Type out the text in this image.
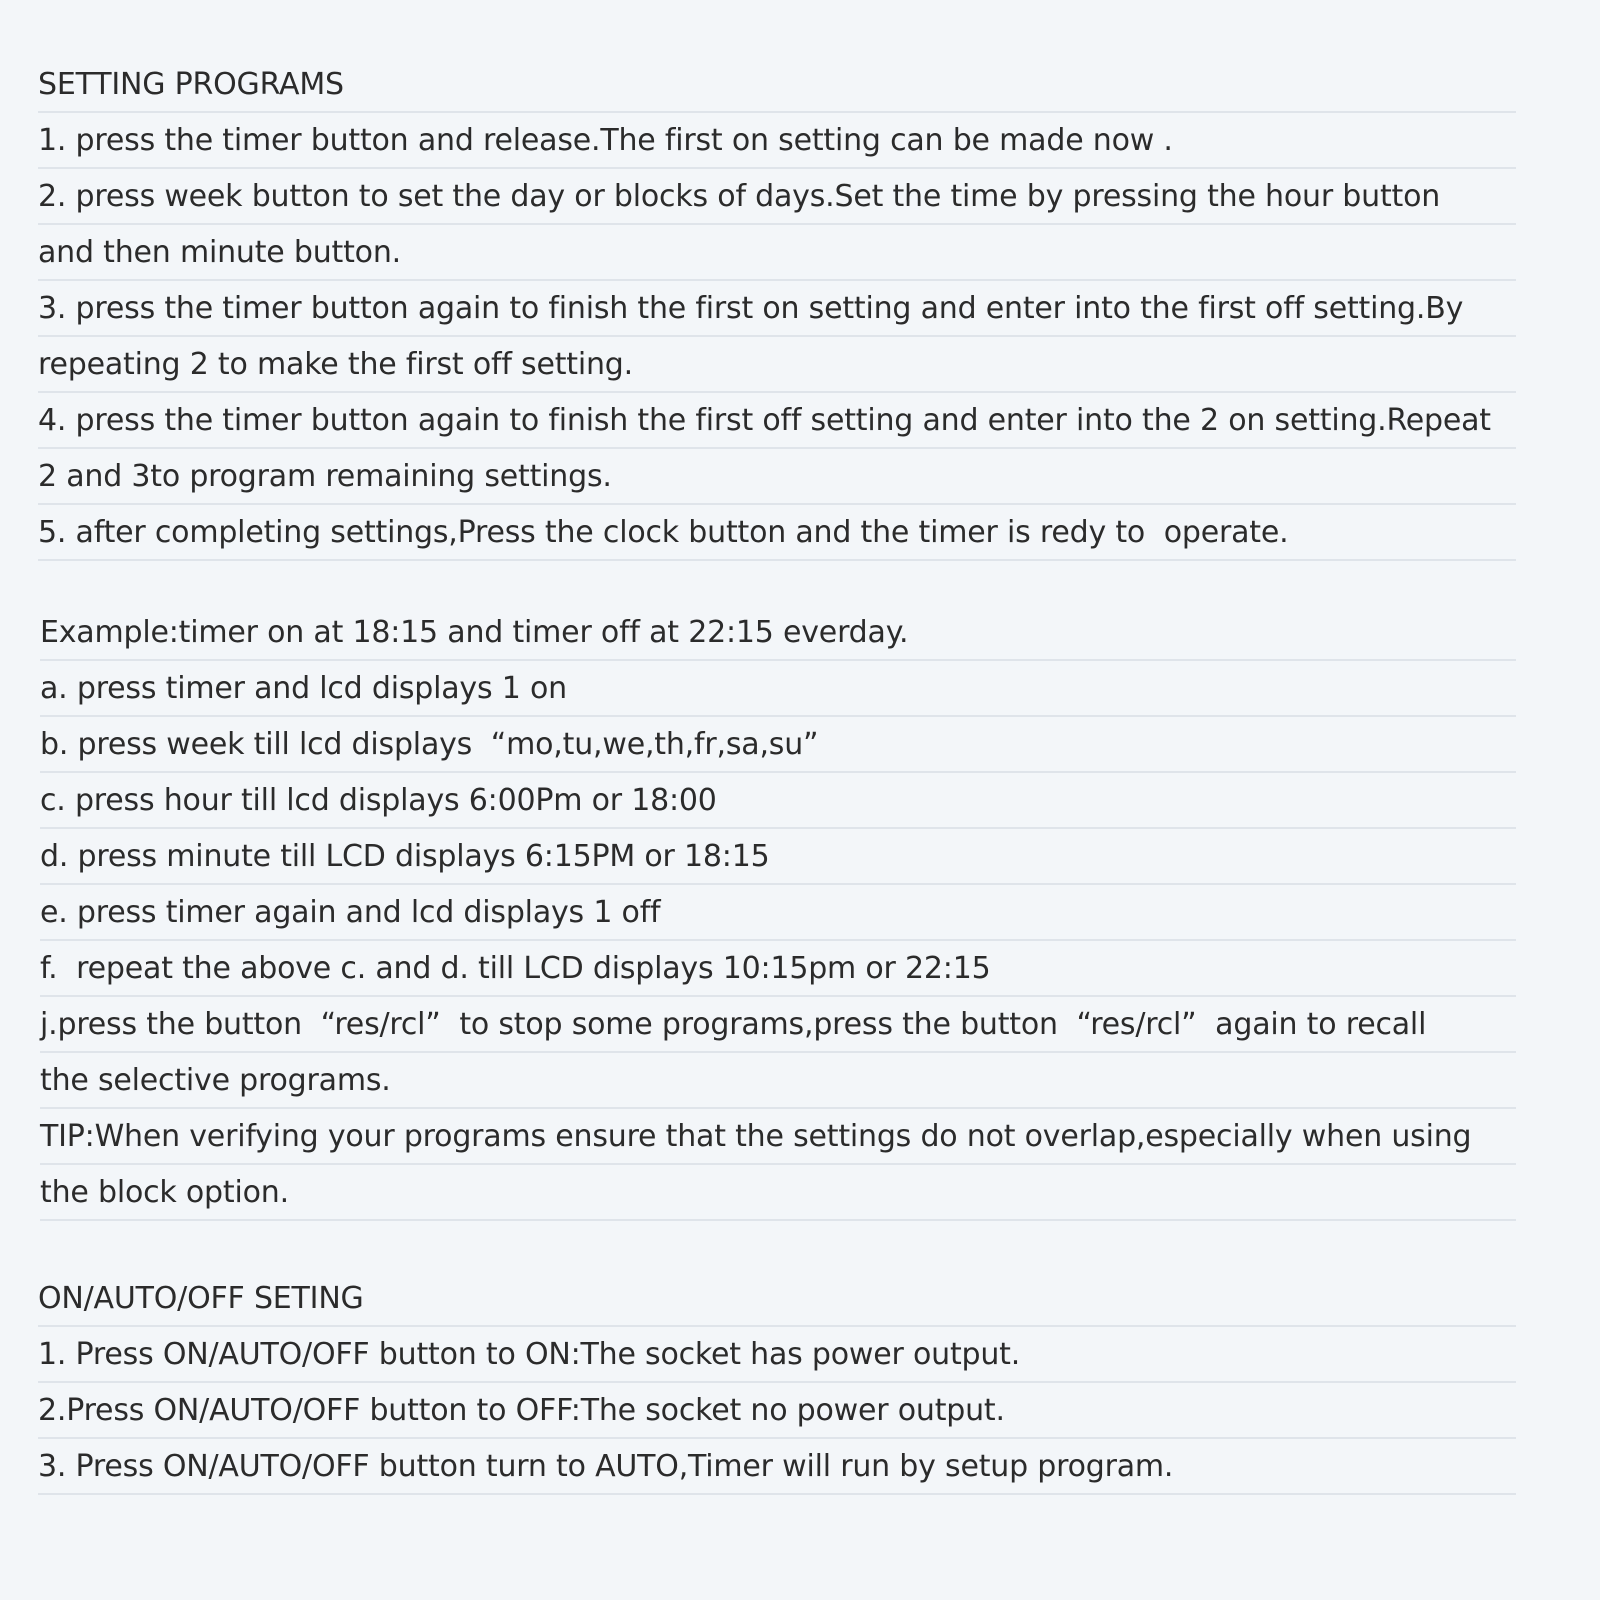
SETTING PROGRAMS
1. press the timer button and release.The first on setting can be made now .
2. press week button to set the day or blocks of days.Set the time by pressing the hour button
and then minute button.
3. press the timer button again to finish the first on setting and enter into the first off setting.By
repeating 2 to make the first off setting.
4. press the timer button again to finish the first off setting and enter into the 2 on setting.Repeat
2 and 3to program remaining settings.
5. after completing settings,Press the clock button and the timer is redy to  operate.
Example:timer on at 18:15 and timer off at 22:15 everday.
a. press timer and lcd displays 1 on
b. press week till lcd displays  “mo,tu,we,th,fr,sa,su”
c. press hour till lcd displays 6:00Pm or 18:00
d. press minute till LCD displays 6:15PM or 18:15
e. press timer again and lcd displays 1 off
f.  repeat the above c. and d. till LCD displays 10:15pm or 22:15
j.press the button  “res/rcl”  to stop some programs,press the button  “res/rcl”  again to recall
the selective programs.
TIP:When verifying your programs ensure that the settings do not overlap,especially when using
the block option.
ON/AUTO/OFF SETING
1. Press ON/AUTO/OFF button to ON:The socket has power output.
2.Press ON/AUTO/OFF button to OFF:The socket no power output.
3. Press ON/AUTO/OFF button turn to AUTO,Timer will run by setup program.
